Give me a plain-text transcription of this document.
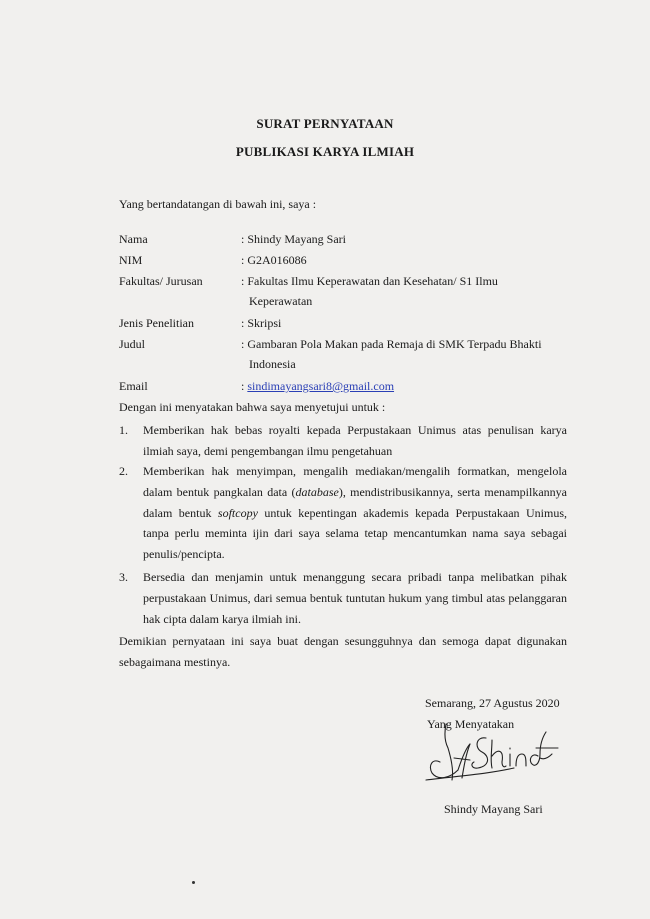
SURAT PERNYATAAN
PUBLIKASI KARYA ILMIAH
Yang bertandatangan di bawah ini, saya :
Nama	: Shindy Mayang Sari
NIM	: G2A016086
Fakultas/ Jurusan	: Fakultas Ilmu Keperawatan dan Kesehatan/ S1 Ilmu
Keperawatan
Jenis Penelitian	: Skripsi
Judul	: Gambaran Pola Makan pada Remaja di SMK Terpadu Bhakti
Indonesia
Email	: sindimayangsari8@gmail.com
Dengan ini menyatakan bahwa saya menyetujui untuk :
1. Memberikan hak bebas royalti kepada Perpustakaan Unimus atas penulisan karya ilmiah saya, demi pengembangan ilmu pengetahuan
2. Memberikan hak menyimpan, mengalih mediakan/mengalih formatkan, mengelola dalam bentuk pangkalan data (database), mendistribusikannya, serta menampilkannya dalam bentuk softcopy untuk kepentingan akademis kepada Perpustakaan Unimus, tanpa perlu meminta ijin dari saya selama tetap mencantumkan nama saya sebagai penulis/pencipta.
3. Bersedia dan menjamin untuk menanggung secara pribadi tanpa melibatkan pihak perpustakaan Unimus, dari semua bentuk tuntutan hukum yang timbul atas pelanggaran hak cipta dalam karya ilmiah ini.
Demikian pernyataan ini saya buat dengan sesungguhnya dan semoga dapat digunakan sebagaimana mestinya.
Semarang, 27 Agustus 2020
Yang Menyatakan
Shindy Mayang Sari
